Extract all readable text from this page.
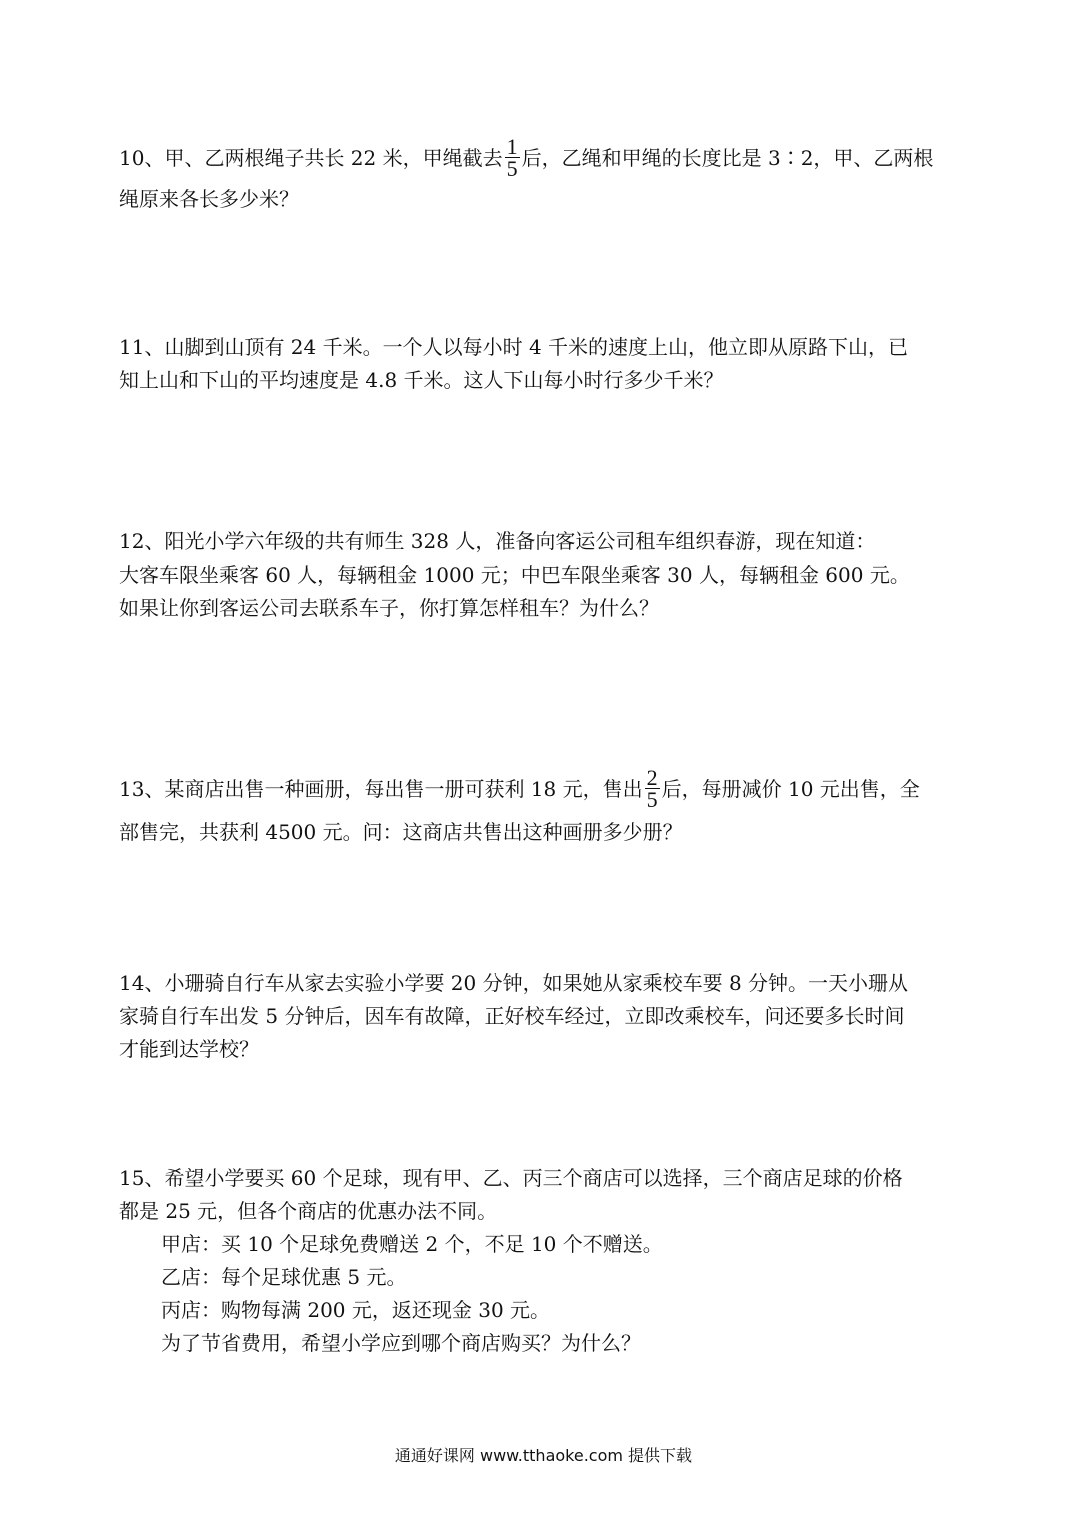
10、甲、乙两根绳子共长 22 米，甲绳截去 $\frac{1}{5}$ 后，乙绳和甲绳的长度比是 3∶2，甲、乙两根
绳原来各长多少米？
11、山脚到山顶有 24 千米。一个人以每小时 4 千米的速度上山，他立即从原路下山，已
知上山和下山的平均速度是 4.8 千米。这人下山每小时行多少千米？
12、阳光小学六年级的共有师生 328 人，准备向客运公司租车组织春游，现在知道：
大客车限坐乘客 60 人，每辆租金 1000 元；中巴车限坐乘客 30 人，每辆租金 600 元。
如果让你到客运公司去联系车子，你打算怎样租车？为什么？
13、某商店出售一种画册，每出售一册可获利 18 元，售出 $\frac{2}{5}$ 后，每册减价 10 元出售，全
部售完，共获利 4500 元。问：这商店共售出这种画册多少册？
14、小珊骑自行车从家去实验小学要 20 分钟，如果她从家乘校车要 8 分钟。一天小珊从
家骑自行车出发 5 分钟后，因车有故障，正好校车经过，立即改乘校车，问还要多长时间
才能到达学校？
15、希望小学要买 60 个足球，现有甲、乙、丙三个商店可以选择，三个商店足球的价格
都是 25 元，但各个商店的优惠办法不同。
甲店：买 10 个足球免费赠送 2 个，不足 10 个不赠送。
乙店：每个足球优惠 5 元。
丙店：购物每满 200 元，返还现金 30 元。
为了节省费用，希望小学应到哪个商店购买？为什么？
通通好课网 www.tthaoke.com 提供下载
